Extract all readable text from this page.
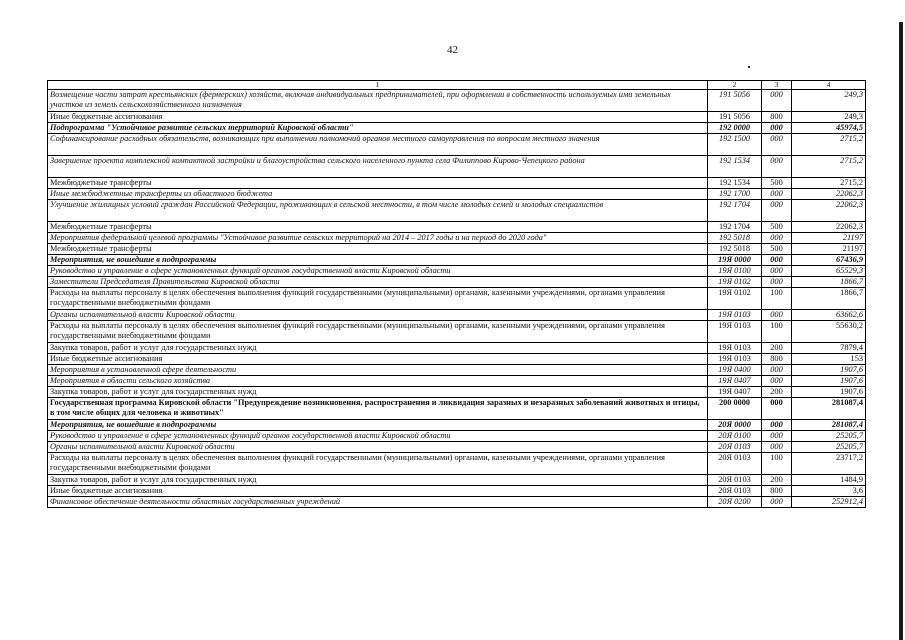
42
1	2	3	4
Возмещение части затрат крестьянских (фермерских) хозяйств, включая индивидуальных предпринимателей, при оформлении в собственность используемых ими земельных участков из земель сельскохозяйственного назначения	191 5056	000	249,3
Иные бюджетные ассигнования	191 5056	800	249,3
Подпрограмма "Устойчивое развитие сельских территорий Кировской области"	192 0000	000	45974,5
Софинансирование расходных обязательств, возникающих при выполнении полномочий органов местного самоуправления по вопросам местного значения	192 1500	000	2715,2
Завершение проекта комплексной компактной застройки и благоустройства сельского населенного пункта села Филиппово Кирово-Чепецкого района	192 1534	000	2715,2
Межбюджетные трансферты	192 1534	500	2715,2
Иные межбюджетные трансферты из областного бюджета	192 1700	000	22062,3
Улучшение жилищных условий граждан Российской Федерации, проживающих в сельской местности, в том числе молодых семей и молодых специалистов	192 1704	000	22062,3
Межбюджетные трансферты	192 1704	500	22062,3
Мероприятия федеральной целевой программы "Устойчивое развитие сельских территорий на 2014 – 2017 годы и на период до 2020 года"	192 5018	000	21197
Межбюджетные трансферты	192 5018	500	21197
Мероприятия, не вошедшие в подпрограммы	19Я 0000	000	67436,9
Руководство и управление в сфере установленных функций органов государственной власти Кировской области	19Я 0100	000	65529,3
Заместители Председателя Правительства Кировской области	19Я 0102	000	1866,7
Расходы на выплаты персоналу в целях обеспечения выполнения функций государственными (муниципальными) органами, казенными учреждениями, органами управления государственными внебюджетными фондами	19Я 0102	100	1866,7
Органы исполнительной власти Кировской области	19Я 0103	000	63662,6
Расходы на выплаты персоналу в целях обеспечения выполнения функций государственными (муниципальными) органами, казенными учреждениями, органами управления государственными внебюджетными фондами	19Я 0103	100	55630,2
Закупка товаров, работ и услуг для государственных нужд	19Я 0103	200	7879,4
Иные бюджетные ассигнования	19Я 0103	800	153
Мероприятия в установленной сфере деятельности	19Я 0400	000	1907,6
Мероприятия в области сельского хозяйства	19Я 0407	000	1907,6
Закупка товаров, работ и услуг для государственных нужд	19Я 0407	200	1907,6
Государственная программа Кировской области "Предупреждение возникновения, распространения и ликвидация заразных и незаразных заболеваний животных и птицы, в том числе общих для человека и животных"	200 0000	000	281087,4
Мероприятия, не вошедшие в подпрограммы	20Я 0000	000	281087,4
Руководство и управление в сфере установленных функций органов государственной власти Кировской области	20Я 0100	000	25205,7
Органы исполнительной власти Кировской области	20Я 0103	000	25205,7
Расходы на выплаты персоналу в целях обеспечения выполнения функций государственными (муниципальными) органами, казенными учреждениями, органами управления государственными внебюджетными фондами	20Я 0103	100	23717,2
Закупка товаров, работ и услуг для государственных нужд	20Я 0103	200	1484,9
Иные бюджетные ассигнования	20Я 0103	800	3,6
Финансовое обеспечение деятельности областных государственных учреждений	20Я 0200	000	252912,4
